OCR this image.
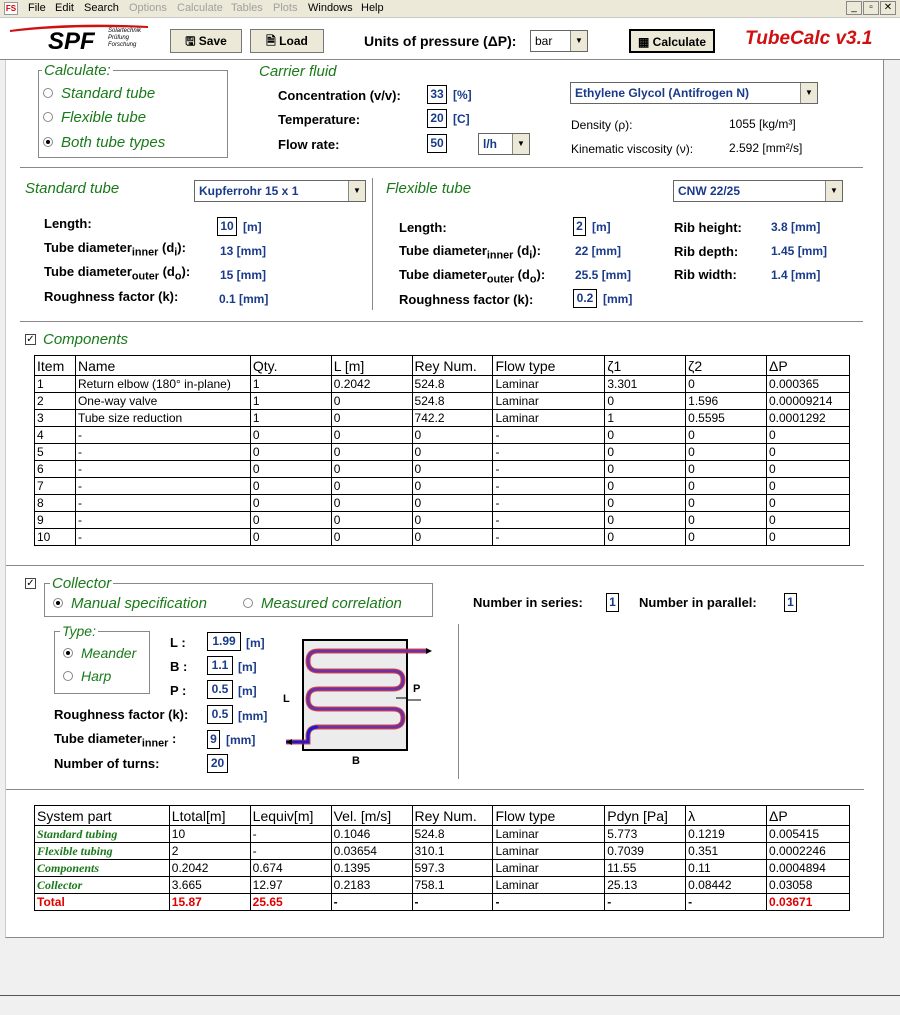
FS File Edit Search Options Calculate Tables Plots Windows Help	_	▫	✕
SPF Solartechnik
Prüfung
Forschung	🖫 Save	🗎 Load	Units of pressure (ΔP):	bar	▼	▦ Calculate	TubeCalc v3.1
Calculate:
Standard tube
Flexible tube
Both tube types
Carrier fluid
Concentration (v/v): 33 [%]
Temperature:	20 [C]
Flow rate:	50	l/h	▼
Ethylene Glycol (Antifrogen N)	▼
Density (ρ):	1055 [kg/m³]
Kinematic viscosity (ν):	2.592 [mm²/s]
Standard tube	Kupferrohr 15 x 1	▼
Length:	10 [m]
Tube diameter$_{inner}$ $(d_i)$:	13 [mm]
Tube diameter$_{outer}$ $(d_o)$: 15 [mm]
Roughness factor (k):	0.1 [mm]
Flexible tube	CNW 22/25	▼
Length:	2 [m]
Tube diameter$_{inner}$ $(d_i)$:	22 [mm]
Tube diameter$_{outer}$ $(d_o)$: 25.5 [mm]
Roughness factor (k):	0.2 [mm]
Rib height: 3.8 [mm]
Rib depth:	1.45 [mm]
Rib width:	1.4 [mm]
✓ Components
Item	Name	Qty.	L [m]	Rey Num.	Flow type	ζ1	ζ2	ΔP
1	Return elbow (180° in-plane)	1	0.2042	524.8	Laminar	3.301	0	0.000365
2	One-way valve	1	0	524.8	Laminar	0	1.596	0.00009214
3	Tube size reduction	1	0	742.2	Laminar	1	0.5595	0.0001292
4	-	0	0	0	-	0	0	0
5	-	0	0	0	-	0	0	0
6	-	0	0	0	-	0	0	0
7	-	0	0	0	-	0	0	0
8	-	0	0	0	-	0	0	0
9	-	0	0	0	-	0	0	0
10	-	0	0	0	-	0	0	0
✓ Collector
Manual specification	Measured correlation	Number in series: 1 Number in parallel:	1
Type:
Meander
Harp
L :	1.99 [m]
B :	1.1 [m]
P :	0.5 [m]
Roughness factor (k):	0.5 [mm]
Tube diameter$_{inner}$ :	9 [mm]
Number of turns:	20
P
L
B
System part	Ltotal[m]	Lequiv[m]	Vel. [m/s]	Rey Num.	Flow type	Pdyn [Pa]	λ	ΔP
Standard tubing	10	-	0.1046	524.8	Laminar	5.773	0.1219	0.005415
Flexible tubing	2	-	0.03654	310.1	Laminar	0.7039	0.351	0.0002246
Components	0.2042	0.674	0.1395	597.3	Laminar	11.55	0.11	0.0004894
Collector	3.665	12.97	0.2183	758.1	Laminar	25.13	0.08442	0.03058
Total	15.87	25.65	-	-	-	-	-	0.03671
